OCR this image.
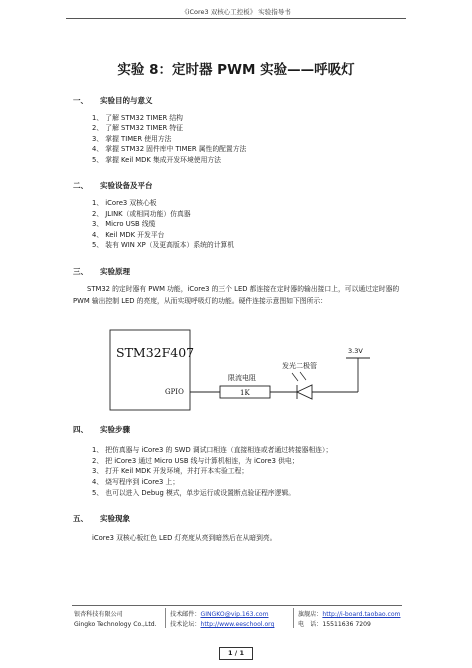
《iCore3 双核心工控板》 实验指导书
实验 8：定时器 PWM 实验——呼吸灯
一、 实验目的与意义
1、 了解 STM32 TIMER 结构
2、 了解 STM32 TIMER 特征
3、 掌握 TIMER 使用方法
4、 掌握 STM32 固件库中 TIMER 属性的配置方法
5、 掌握 Keil MDK 集成开发环境使用方法
二、 实验设备及平台
1、 iCore3 双核心板
2、 JLINK（或相同功能）仿真器
3、 Micro USB 线缆
4、 Keil MDK 开发平台
5、 装有 WIN XP（及更高版本）系统的计算机
三、 实验原理
STM32 的定时器有 PWM 功能，iCore3 的三个 LED 都连接在定时器的输出接口上，可以通过定时器的 PWM 输出控制 LED 的亮度，从而实现呼吸灯的功能。硬件连接示意图如下图所示：
STM32F407
GPIO
限流电阻
1K
发光二极管
3.3V
四、 实验步骤
1、 把仿真器与 iCore3 的 SWD 调试口相连（直接相连或者通过转接器相连）；
2、 把 iCore3 通过 Micro USB 线与计算机相连，为 iCore3 供电；
3、 打开 Keil MDK 开发环境，并打开本实验工程；
4、 烧写程序到 iCore3 上；
5、 也可以进入 Debug 模式，单步运行或设置断点验证程序逻辑。
五、 实验现象
iCore3 双核心板红色 LED 灯亮度从亮到暗然后在从暗到亮。
银杏科技有限公司
Gingko Technology Co.,Ltd.
技术邮件：GINGKO@vip.163.com
技术论坛：http://www.eeschool.org
旗舰店：http://i-board.taobao.com
电　话：15511636 7209
1 / 1
